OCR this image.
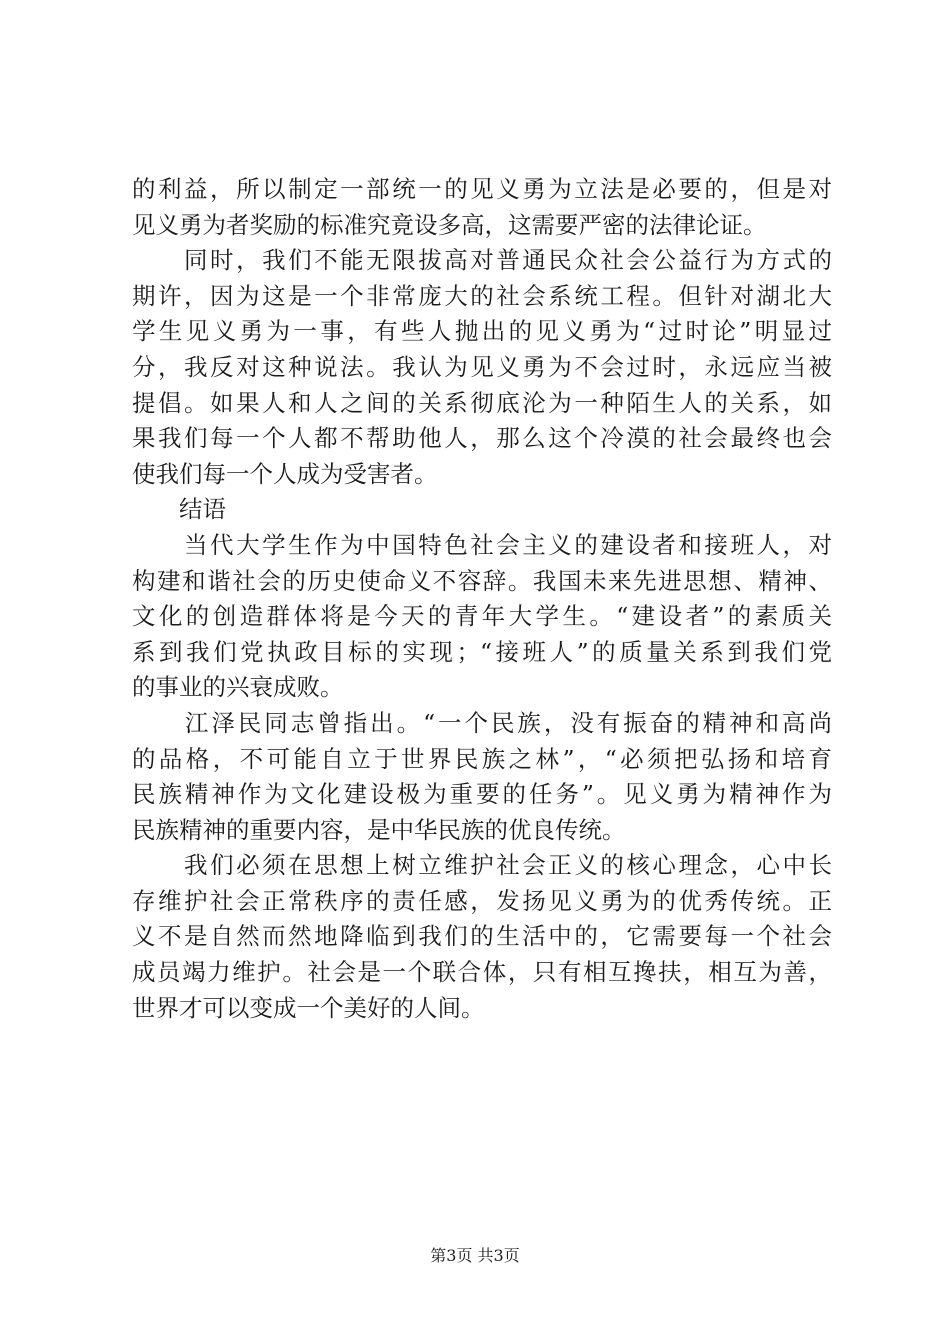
的利益，所以制定一部统一的见义勇为立法是必要的，但是对
见义勇为者奖励的标准究竟设多高，这需要严密的法律论证。
　　同时，我们不能无限拔高对普通民众社会公益行为方式的
期许，因为这是一个非常庞大的社会系统工程。但针对湖北大
学生见义勇为一事，有些人抛出的见义勇为“过时论”明显过
分，我反对这种说法。我认为见义勇为不会过时，永远应当被
提倡。如果人和人之间的关系彻底沦为一种陌生人的关系，如
果我们每一个人都不帮助他人，那么这个冷漠的社会最终也会
使我们每一个人成为受害者。
　　结语
　　当代大学生作为中国特色社会主义的建设者和接班人，对
构建和谐社会的历史使命义不容辞。我国未来先进思想、精神、
文化的创造群体将是今天的青年大学生。“建设者”的素质关
系到我们党执政目标的实现；“接班人”的质量关系到我们党
的事业的兴衰成败。
　　江泽民同志曾指出。“一个民族，没有振奋的精神和高尚
的品格，不可能自立于世界民族之林”，“必须把弘扬和培育
民族精神作为文化建设极为重要的任务”。见义勇为精神作为
民族精神的重要内容，是中华民族的优良传统。
　　我们必须在思想上树立维护社会正义的核心理念，心中长
存维护社会正常秩序的责任感，发扬见义勇为的优秀传统。正
义不是自然而然地降临到我们的生活中的，它需要每一个社会
成员竭力维护。社会是一个联合体，只有相互搀扶，相互为善，
世界才可以变成一个美好的人间。
第3页 共3页
